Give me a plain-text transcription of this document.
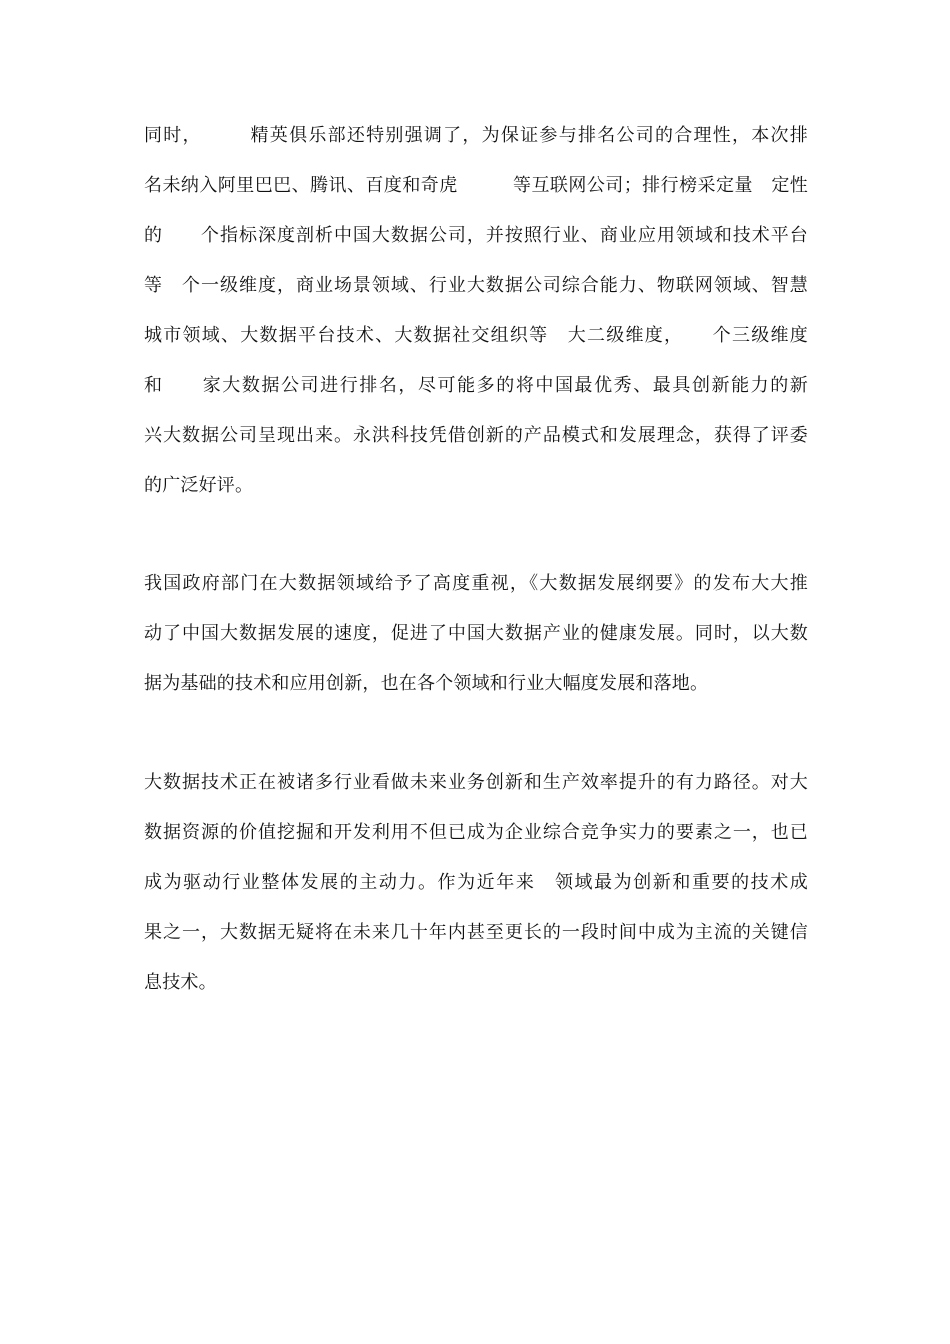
同时，　　　精英俱乐部还特别强调了，为保证参与排名公司的合理性，本次排
名未纳入阿里巴巴、腾讯、百度和奇虎　　　等互联网公司；排行榜采定量　定性
的　　个指标深度剖析中国大数据公司，并按照行业、商业应用领域和技术平台
等　个一级维度，商业场景领域、行业大数据公司综合能力、物联网领域、智慧
城市领域、大数据平台技术、大数据社交组织等　大二级维度，　　个三级维度
和　　家大数据公司进行排名，尽可能多的将中国最优秀、最具创新能力的新
兴大数据公司呈现出来。永洪科技凭借创新的产品模式和发展理念，获得了评委
的广泛好评。
我国政府部门在大数据领域给予了高度重视，《大数据发展纲要》的发布大大推
动了中国大数据发展的速度，促进了中国大数据产业的健康发展。同时，以大数
据为基础的技术和应用创新，也在各个领域和行业大幅度发展和落地。
大数据技术正在被诸多行业看做未来业务创新和生产效率提升的有力路径。对大
数据资源的价值挖掘和开发利用不但已成为企业综合竞争实力的要素之一，也已
成为驱动行业整体发展的主动力。作为近年来　领域最为创新和重要的技术成
果之一，大数据无疑将在未来几十年内甚至更长的一段时间中成为主流的关键信
息技术。
